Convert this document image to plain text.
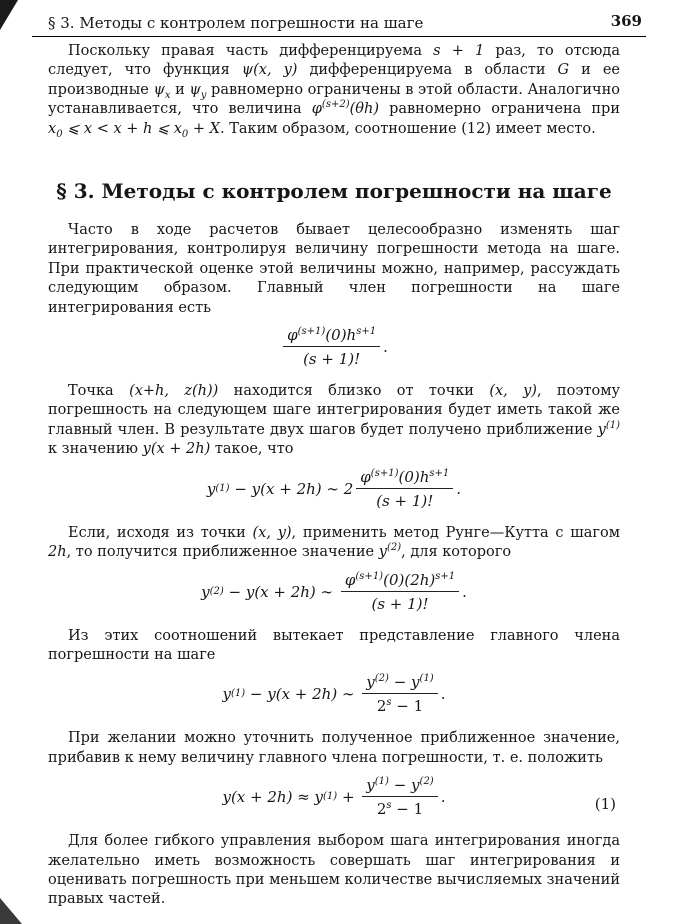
§ 3. Методы с контролем погрешности на шаге	369

Поскольку правая часть дифференцируема s + 1 раз, то отсюда следует, что функция ψ(x, y) дифференцируема в области G и ее производные $\psi_x$ и $\psi_y$ равномерно ограничены в этой области. Аналогично устанавливается, что величина $\varphi^{(s+2)}(\theta h)$ равномерно ограничена при $x_0$ ⩽ x < x + h ⩽ $x_0 + X$. Таким образом, соотношение (12) имеет место.

§ 3. Методы с контролем погрешности на шаге

Часто в ходе расчетов бывает целесообразно изменять шаг интегрирования, контролируя величину погрешности метода на шаге. При практической оценке этой величины можно, например, рассуждать следующим образом. Главный член погрешности на шаге интегрирования есть

$\frac{\varphi^{(s+1)}(0)h^{s+1}}{(s + 1)!}$ .

Точка (x+h, z(h)) находится близко от точки (x, y), поэтому погрешность на следующем шаге интегрирования будет иметь такой же главный член. В результате двух шагов будет получено приближение $y^{(1)}$ к значению y(x + 2h) такое, что

y (1) − y(x + 2h) ∼ $2 \frac{\varphi^{(s+1)}(0)h^{s+1}}{(s + 1)!}$ .

Если, исходя из точки (x, y), применить метод Рунге—Кутта с шагом 2h, то получится приближенное значение $y^{(2)}$, для которого

y (2) − y(x + 2h) ∼ $\frac{\varphi^{(s+1)}(0)(2h)^{s+1}}{(s + 1)!}$ .

Из этих соотношений вытекает представление главного члена погрешности на шаге

y (1) − y(x + 2h) ∼ $\frac{y^{(2)} - y^{(1)}}{2^s - 1}$ .

При желании можно уточнить полученное приближенное значение, прибавив к нему величину главного члена погрешности, т. е. положить

y(x + 2h) ≈ y $(1) + \frac{y^{(1)} - y^{(2)}}{2^s - 1}$ .	(1)

Для более гибкого управления выбором шага интегрирования иногда желательно иметь возможность совершать шаг интегрирования и оценивать погрешность при меньшем количестве вычисляемых значений правых частей.
